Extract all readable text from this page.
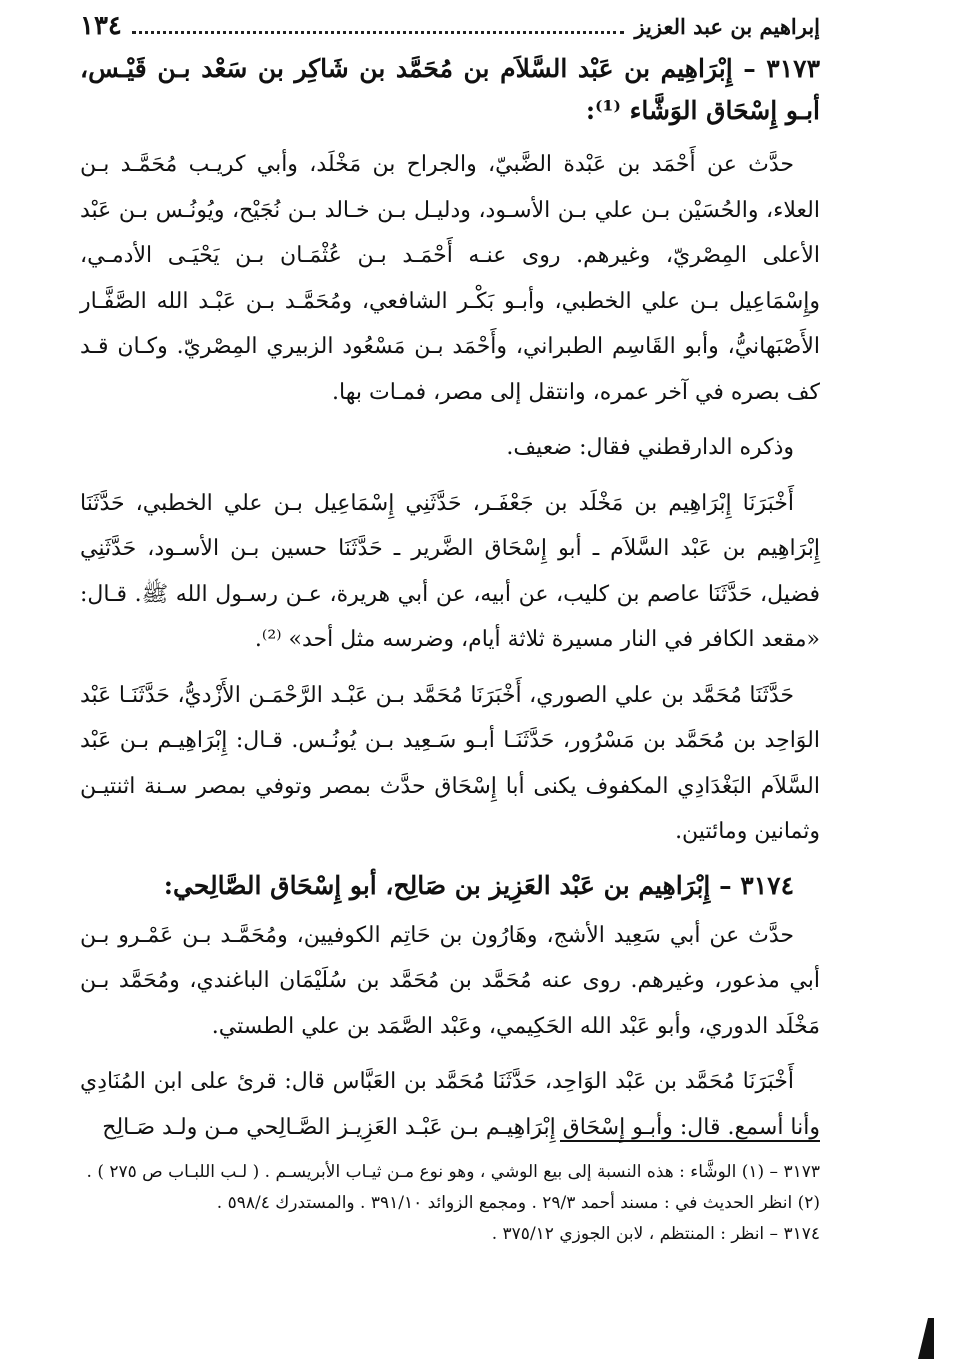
إبراهيم بن عبد العزيز
١٣٤
٣١٧٣ – إِبْرَاهِيم بن عَبْد السَّلاَم بن مُحَمَّد بن شَاكِر بن سَعْد بـن قَيْـس، أبـو إِسْحَاق الوَشَّاء ⁽¹⁾:

حدَّث عن أَحْمَد بن عَبْدة الضَّبيّ، والجراح بن مَخْلَد، وأبي كريـب مُحَمَّـد بـن العلاء، والحُسَيْن بـن علي بـن الأسـود، ودليـل بـن خـالد بـن نُجَيْح، ويُونُـس بـن عَبْد الأعلى المِصْريّ، وغيرهم. روى عنـه أَحْمَـد بـن عُثْمَـان بـن يَحْيَـى الأدمـي، وإِسْمَاعِيل بـن علي الخطبي، وأبـو بَكْـر الشافعي، ومُحَمَّـد بـن عَبْـد الله الصَّفَّـار الأَصْبَهانيُّ، وأبو القَاسِم الطبراني، وأَحْمَد بـن مَسْعُود الزبيري المِصْريّ. وكـان قـد كف بصره في آخر عمره، وانتقل إلى مصر، فمـات بها.

وذكره الدارقطني فقال: ضعيف.

أَخْبَرَنَا إِبْرَاهِيم بن مَخْلَد بن جَعْفَـر، حَدَّثَنِي إِسْمَاعِيل بـن علي الخطبي، حَدَّثَنَا إِبْرَاهِيم بن عَبْد السَّلاَم ـ أبو إِسْحَاق الضَّرير ـ حَدَّثَنَا حسين بـن الأسـود، حَدَّثَنِي فضيل، حَدَّثَنَا عاصم بن كليب، عن أبيه، عن أبي هريرة، عـن رسـول الله ﷺ. قـال: «مقعد الكافر في النار مسيرة ثلاثة أيام، وضرسه مثل أحد» ⁽²⁾.

حَدَّثَنَا مُحَمَّد بن علي الصوري، أَخْبَرَنَا مُحَمَّد بـن عَبْـد الرَّحْمَـن الأَزْديُّ، حَدَّثَنَـا عَبْد الوَاحِد بن مُحَمَّد بن مَسْرُور، حَدَّثَنَـا أبـو سَـعِيد بـن يُونُـس. قـال: إِبْرَاهِيـم بـن عَبْد السَّلاَم البَغْدَادِي المكفوف يكنى أبا إِسْحَاق حدَّث بمصر وتوفي بمصر سـنة اثنتيـن وثمانين ومائتين.

٣١٧٤ – إِبْرَاهِيم بن عَبْد العَزِيز بن صَالِح، أبو إِسْحَاق الصَّالِحي:

حدَّث عن أبي سَعِيد الأشج، وهَارُون بن حَاتِم الكوفيين، ومُحَمَّـد بـن عَمْـرو بـن أبي مذعور، وغيرهم. روى عنه مُحَمَّد بن مُحَمَّد بن سُلَيْمَان الباغندي، ومُحَمَّد بـن مَخْلَد الدوري، وأبو عَبْد الله الحَكِيمي، وعَبْد الصَّمَد بن علي الطستي.

أَخْبَرَنَا مُحَمَّد بن عَبْد الوَاحِد، حَدَّثَنَا مُحَمَّد بن العَبَّاس قال: قرئ على ابن المُنَادِي وأنا أسمع. قال: وأبـو إِسْحَاق إِبْرَاهِيـم بـن عَبْـد العَزِيـز الصَّـالِحي مـن ولـد صَـالِح

٣١٧٣ – (١) الوشَّاء : هذه النسبة إلى بيع الوشي ، وهو نوع مـن ثيـاب الأبريسـم . ( لـب اللبـاب ص ٢٧٥ ) .

(٢) انظر الحديث في : مسند أحمد ٢٩/٣ . ومجمع الزوائد ٣٩١/١٠ . والمستدرك ٥٩٨/٤ .

٣١٧٤ – انظر : المنتظم ، لابن الجوزي ٣٧٥/١٢ .
